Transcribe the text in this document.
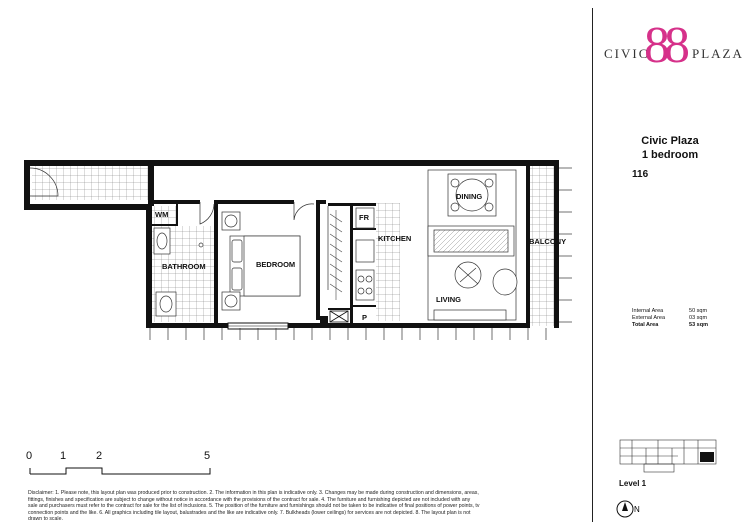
WM
BATHROOM	BEDROOM
FR
KITCHEN
P
DINING
LIVING
BALCONY
CIVIC
88 PLAZA
Civic Plaza
1 bedroom
116
Internal Area	50 sqm
External Area	03 sqm
Total Area	53 sqm
Level 1
N
0	1	2	5
Disclaimer: 1. Please note, this layout plan was produced prior to construction. 2. The information in this plan is indicative only. 3. Changes may be made during construction and dimensions, areas, fittings, finishes and specification are subject to change without notice in accordance with the provisions of the contract for sale. 4. The furniture and furnishing depicted are not included with any sale and purchasers must refer to the contract for sale for the list of inclusions. 5. The position of the furniture and furnishings should not be taken to be indicative of final positions of power points, tv connection points and the like. 6. All graphics including tile layout, balustrades and the like are indicative only. 7. Bulkheads (lower ceilings) for services are not depicted. 8. The layout plan is not drawn to scale.
